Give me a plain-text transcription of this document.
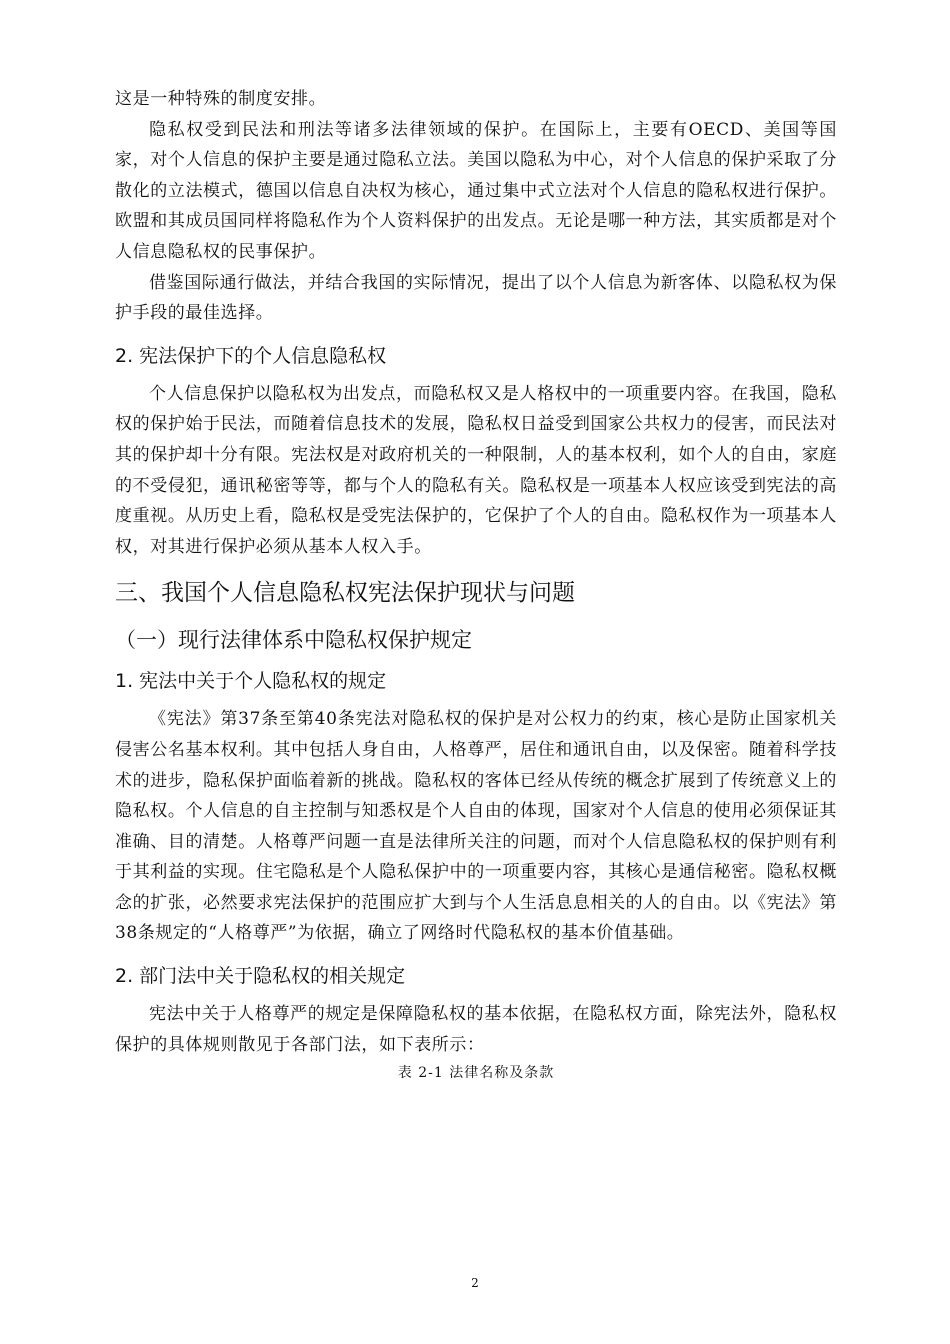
这是一种特殊的制度安排。

隐私权受到民法和刑法等诸多法律领域的保护。在国际上，主要有OECD、美国等国家，对个人信息的保护主要是通过隐私立法。美国以隐私为中心，对个人信息的保护采取了分散化的立法模式，德国以信息自决权为核心，通过集中式立法对个人信息的隐私权进行保护。欧盟和其成员国同样将隐私作为个人资料保护的出发点。无论是哪一种方法，其实质都是对个人信息隐私权的民事保护。

借鉴国际通行做法，并结合我国的实际情况，提出了以个人信息为新客体、以隐私权为保护手段的最佳选择。

2. 宪法保护下的个人信息隐私权

个人信息保护以隐私权为出发点，而隐私权又是人格权中的一项重要内容。在我国，隐私权的保护始于民法，而随着信息技术的发展，隐私权日益受到国家公共权力的侵害，而民法对其的保护却十分有限。宪法权是对政府机关的一种限制，人的基本权利，如个人的自由，家庭的不受侵犯，通讯秘密等等，都与个人的隐私有关。隐私权是一项基本人权应该受到宪法的高度重视。从历史上看，隐私权是受宪法保护的，它保护了个人的自由。隐私权作为一项基本人权，对其进行保护必须从基本人权入手。

三、我国个人信息隐私权宪法保护现状与问题
（一）现行法律体系中隐私权保护规定
1. 宪法中关于个人隐私权的规定

《宪法》第37条至第40条宪法对隐私权的保护是对公权力的约束，核心是防止国家机关侵害公名基本权利。其中包括人身自由，人格尊严，居住和通讯自由，以及保密。随着科学技术的进步，隐私保护面临着新的挑战。隐私权的客体已经从传统的概念扩展到了传统意义上的隐私权。个人信息的自主控制与知悉权是个人自由的体现，国家对个人信息的使用必须保证其准确、目的清楚。人格尊严问题一直是法律所关注的问题，而对个人信息隐私权的保护则有利于其利益的实现。住宅隐私是个人隐私保护中的一项重要内容，其核心是通信秘密。隐私权概念的扩张，必然要求宪法保护的范围应扩大到与个人生活息息相关的人的自由。以《宪法》第38条规定的“人格尊严”为依据，确立了网络时代隐私权的基本价值基础。

2. 部门法中关于隐私权的相关规定

宪法中关于人格尊严的规定是保障隐私权的基本依据，在隐私权方面，除宪法外，隐私权保护的具体规则散见于各部门法，如下表所示：

表 2-1 法律名称及条款
2
